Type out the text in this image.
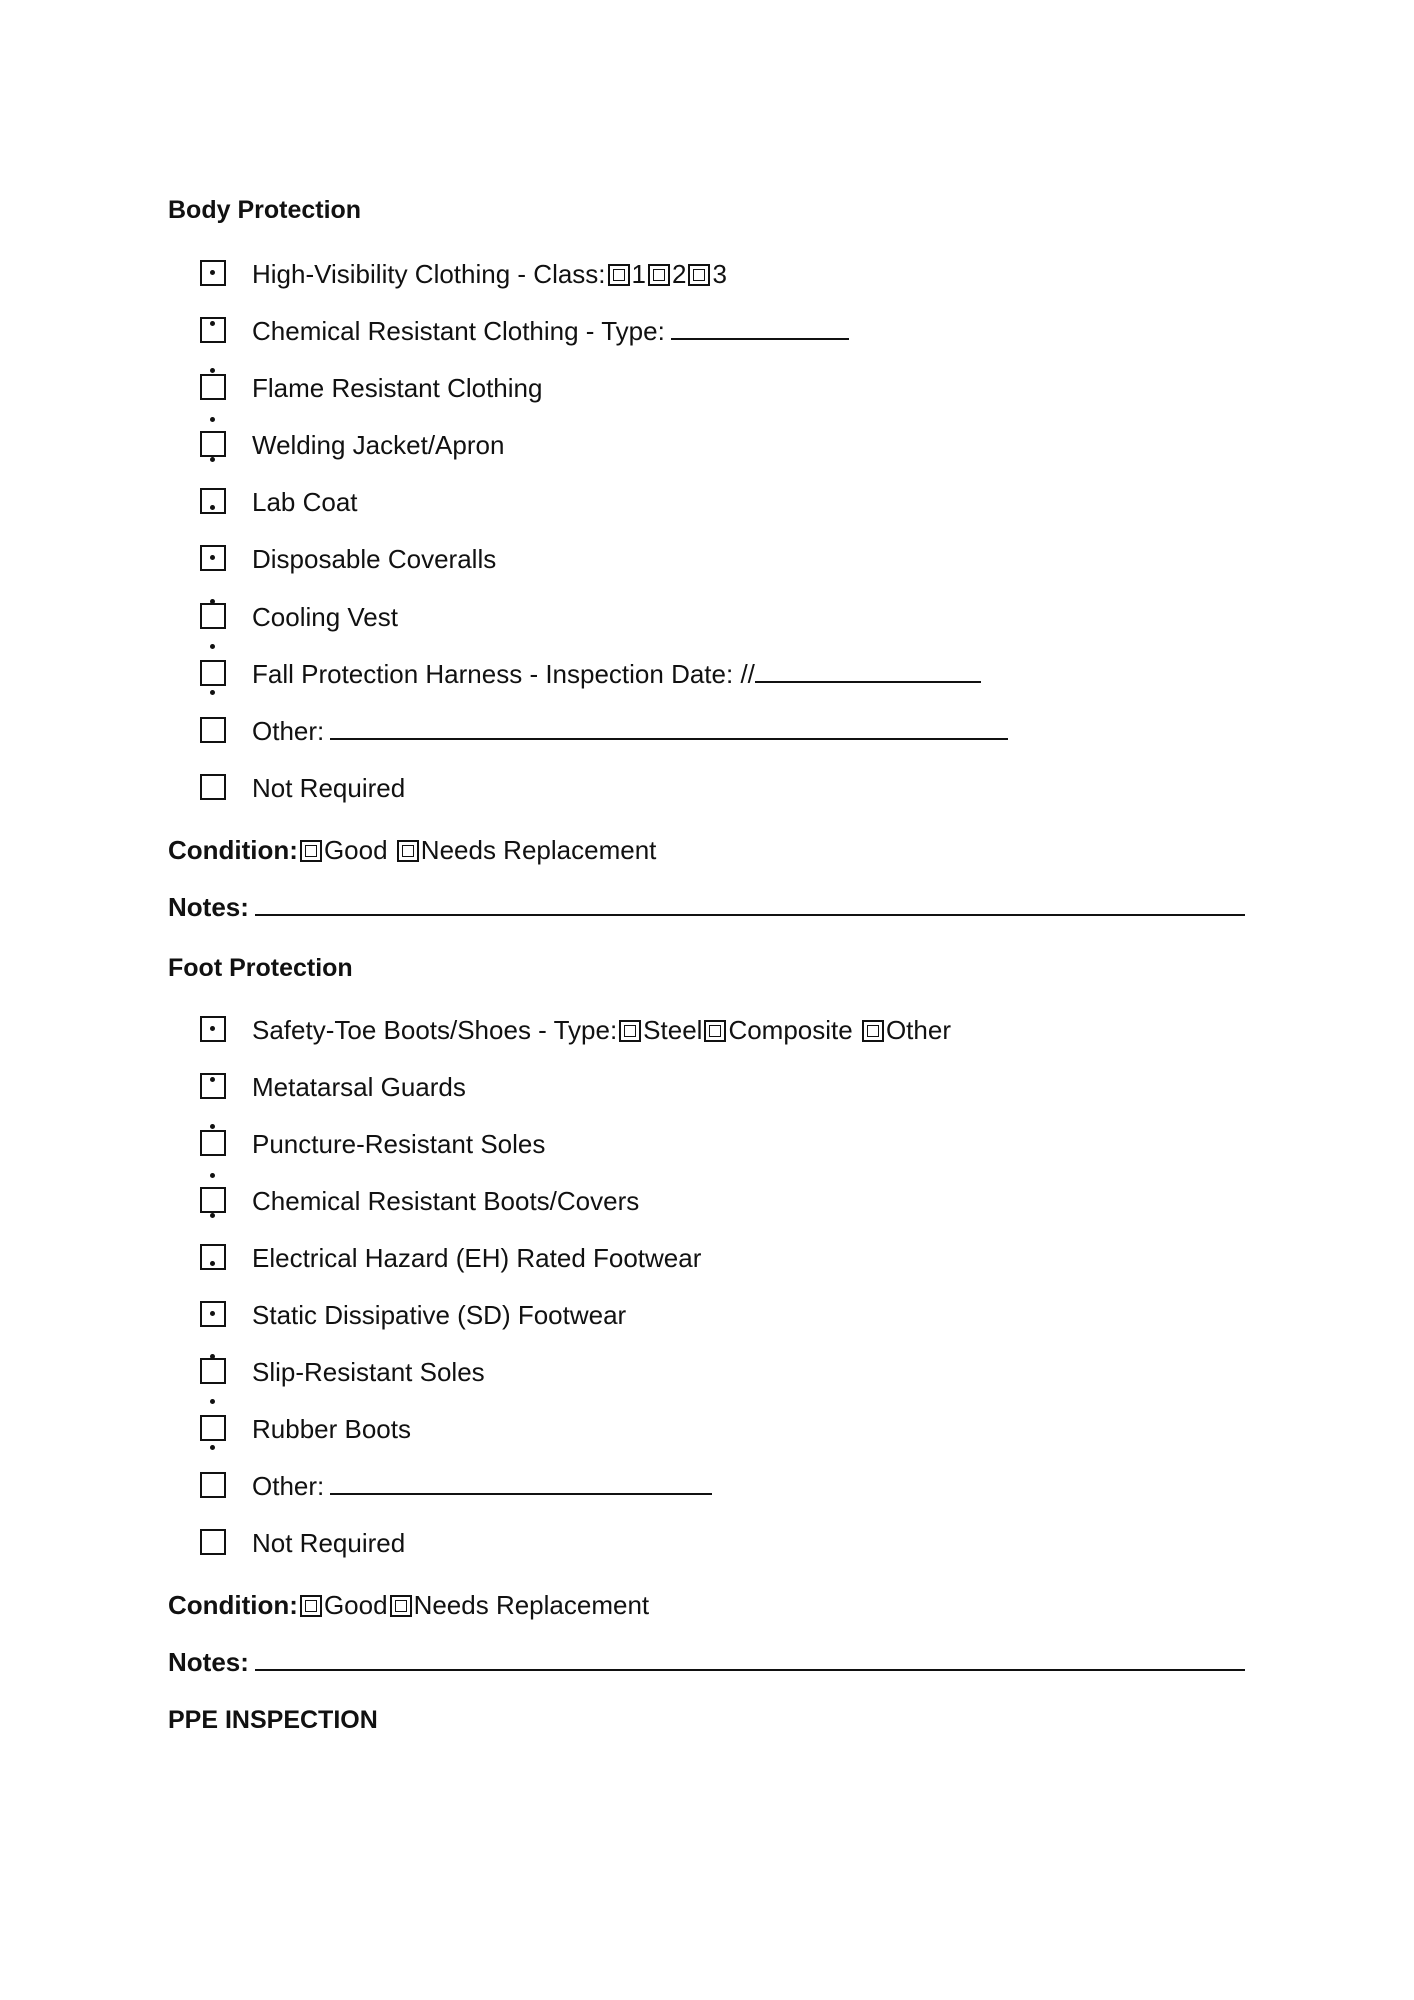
Body Protection
High-Visibility Clothing - Class: 1 2 3
Chemical Resistant Clothing - Type:
Flame Resistant Clothing
Welding Jacket/Apron
Lab Coat
Disposable Coveralls
Cooling Vest
Fall Protection Harness - Inspection Date: //
Other:
Not Required
Condition: Good Needs Replacement
Notes:
Foot Protection
Safety-Toe Boots/Shoes - Type: Steel Composite Other
Metatarsal Guards
Puncture-Resistant Soles
Chemical Resistant Boots/Covers
Electrical Hazard (EH) Rated Footwear
Static Dissipative (SD) Footwear
Slip-Resistant Soles
Rubber Boots
Other:
Not Required
Condition: Good Needs Replacement
Notes:
PPE INSPECTION
